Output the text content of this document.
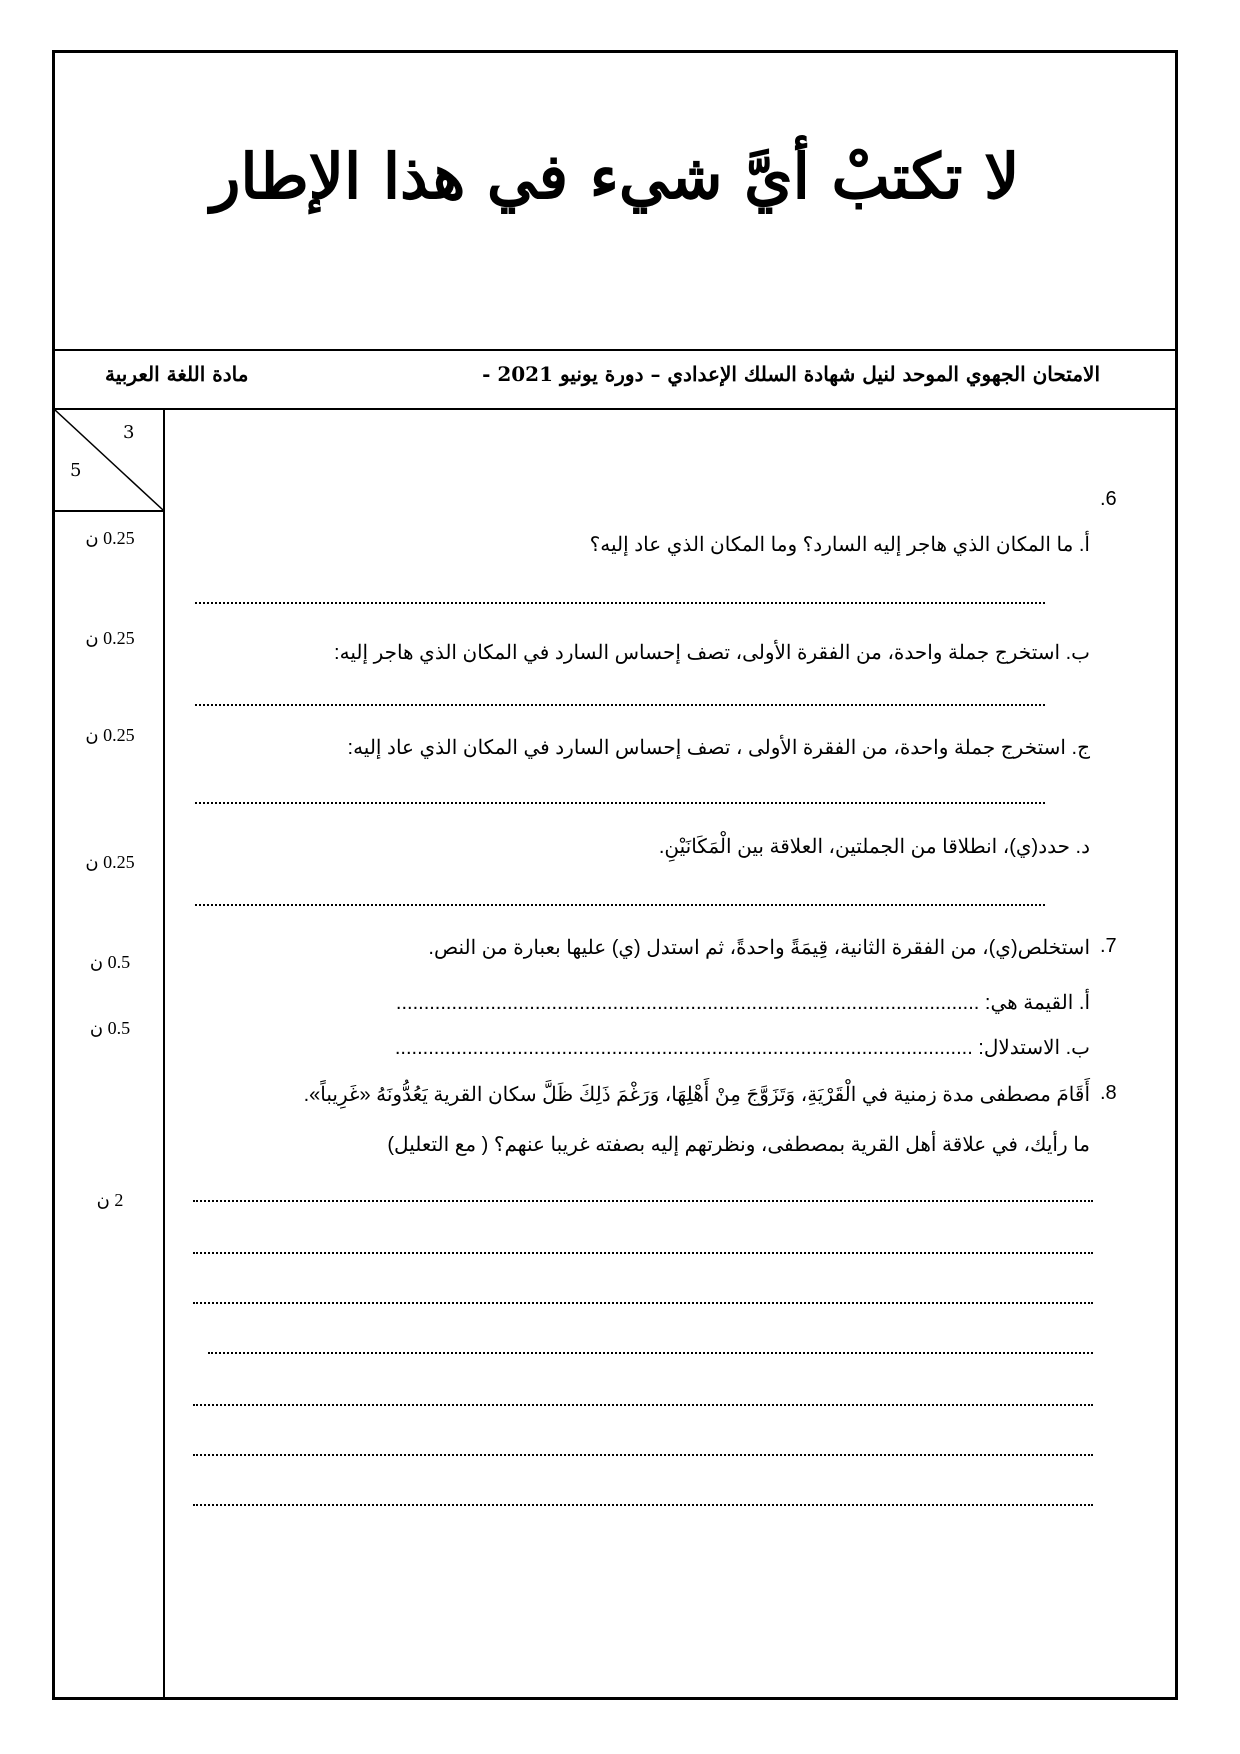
لا تكتبْ أيَّ شيء في هذا الإطار
الامتحان الجهوي الموحد لنيل شهادة السلك الإعدادي – دورة يونيو 2021 -
مادة اللغة العربية
3
5
0.25 ن
0.25 ن
0.25 ن
0.25 ن
0.5 ن
0.5 ن
2 ن
.6
أ. ما المكان الذي هاجر إليه السارد؟ وما المكان الذي عاد إليه؟
ب. استخرج جملة واحدة، من الفقرة الأولى، تصف إحساس السارد في المكان الذي هاجر إليه:
ج. استخرج جملة واحدة، من الفقرة الأولى ، تصف إحساس السارد في المكان الذي عاد إليه:
د. حدد(ي)، انطلاقا من الجملتين، العلاقة بين الْمَكَانَيْنِ.
.7
استخلص(ي)، من الفقرة الثانية، قِيمَةً واحدةً، ثم استدل (ي) عليها بعبارة من النص.
أ. القيمة هي: .........................................................................................................
ب. الاستدلال: ........................................................................................................
.8
أَقَامَ مصطفى مدة زمنية في الْقَرْيَةِ، وَتَزَوَّجَ مِنْ أَهْلِهَا، وَرَغْمَ ذَلِكَ ظَلَّ سكان القرية يَعُدُّونَهُ «غَرِيباً».
ما رأيك، في علاقة أهل القرية بمصطفى، ونظرتهم إليه بصفته غريبا عنهم؟ ( مع التعليل)
